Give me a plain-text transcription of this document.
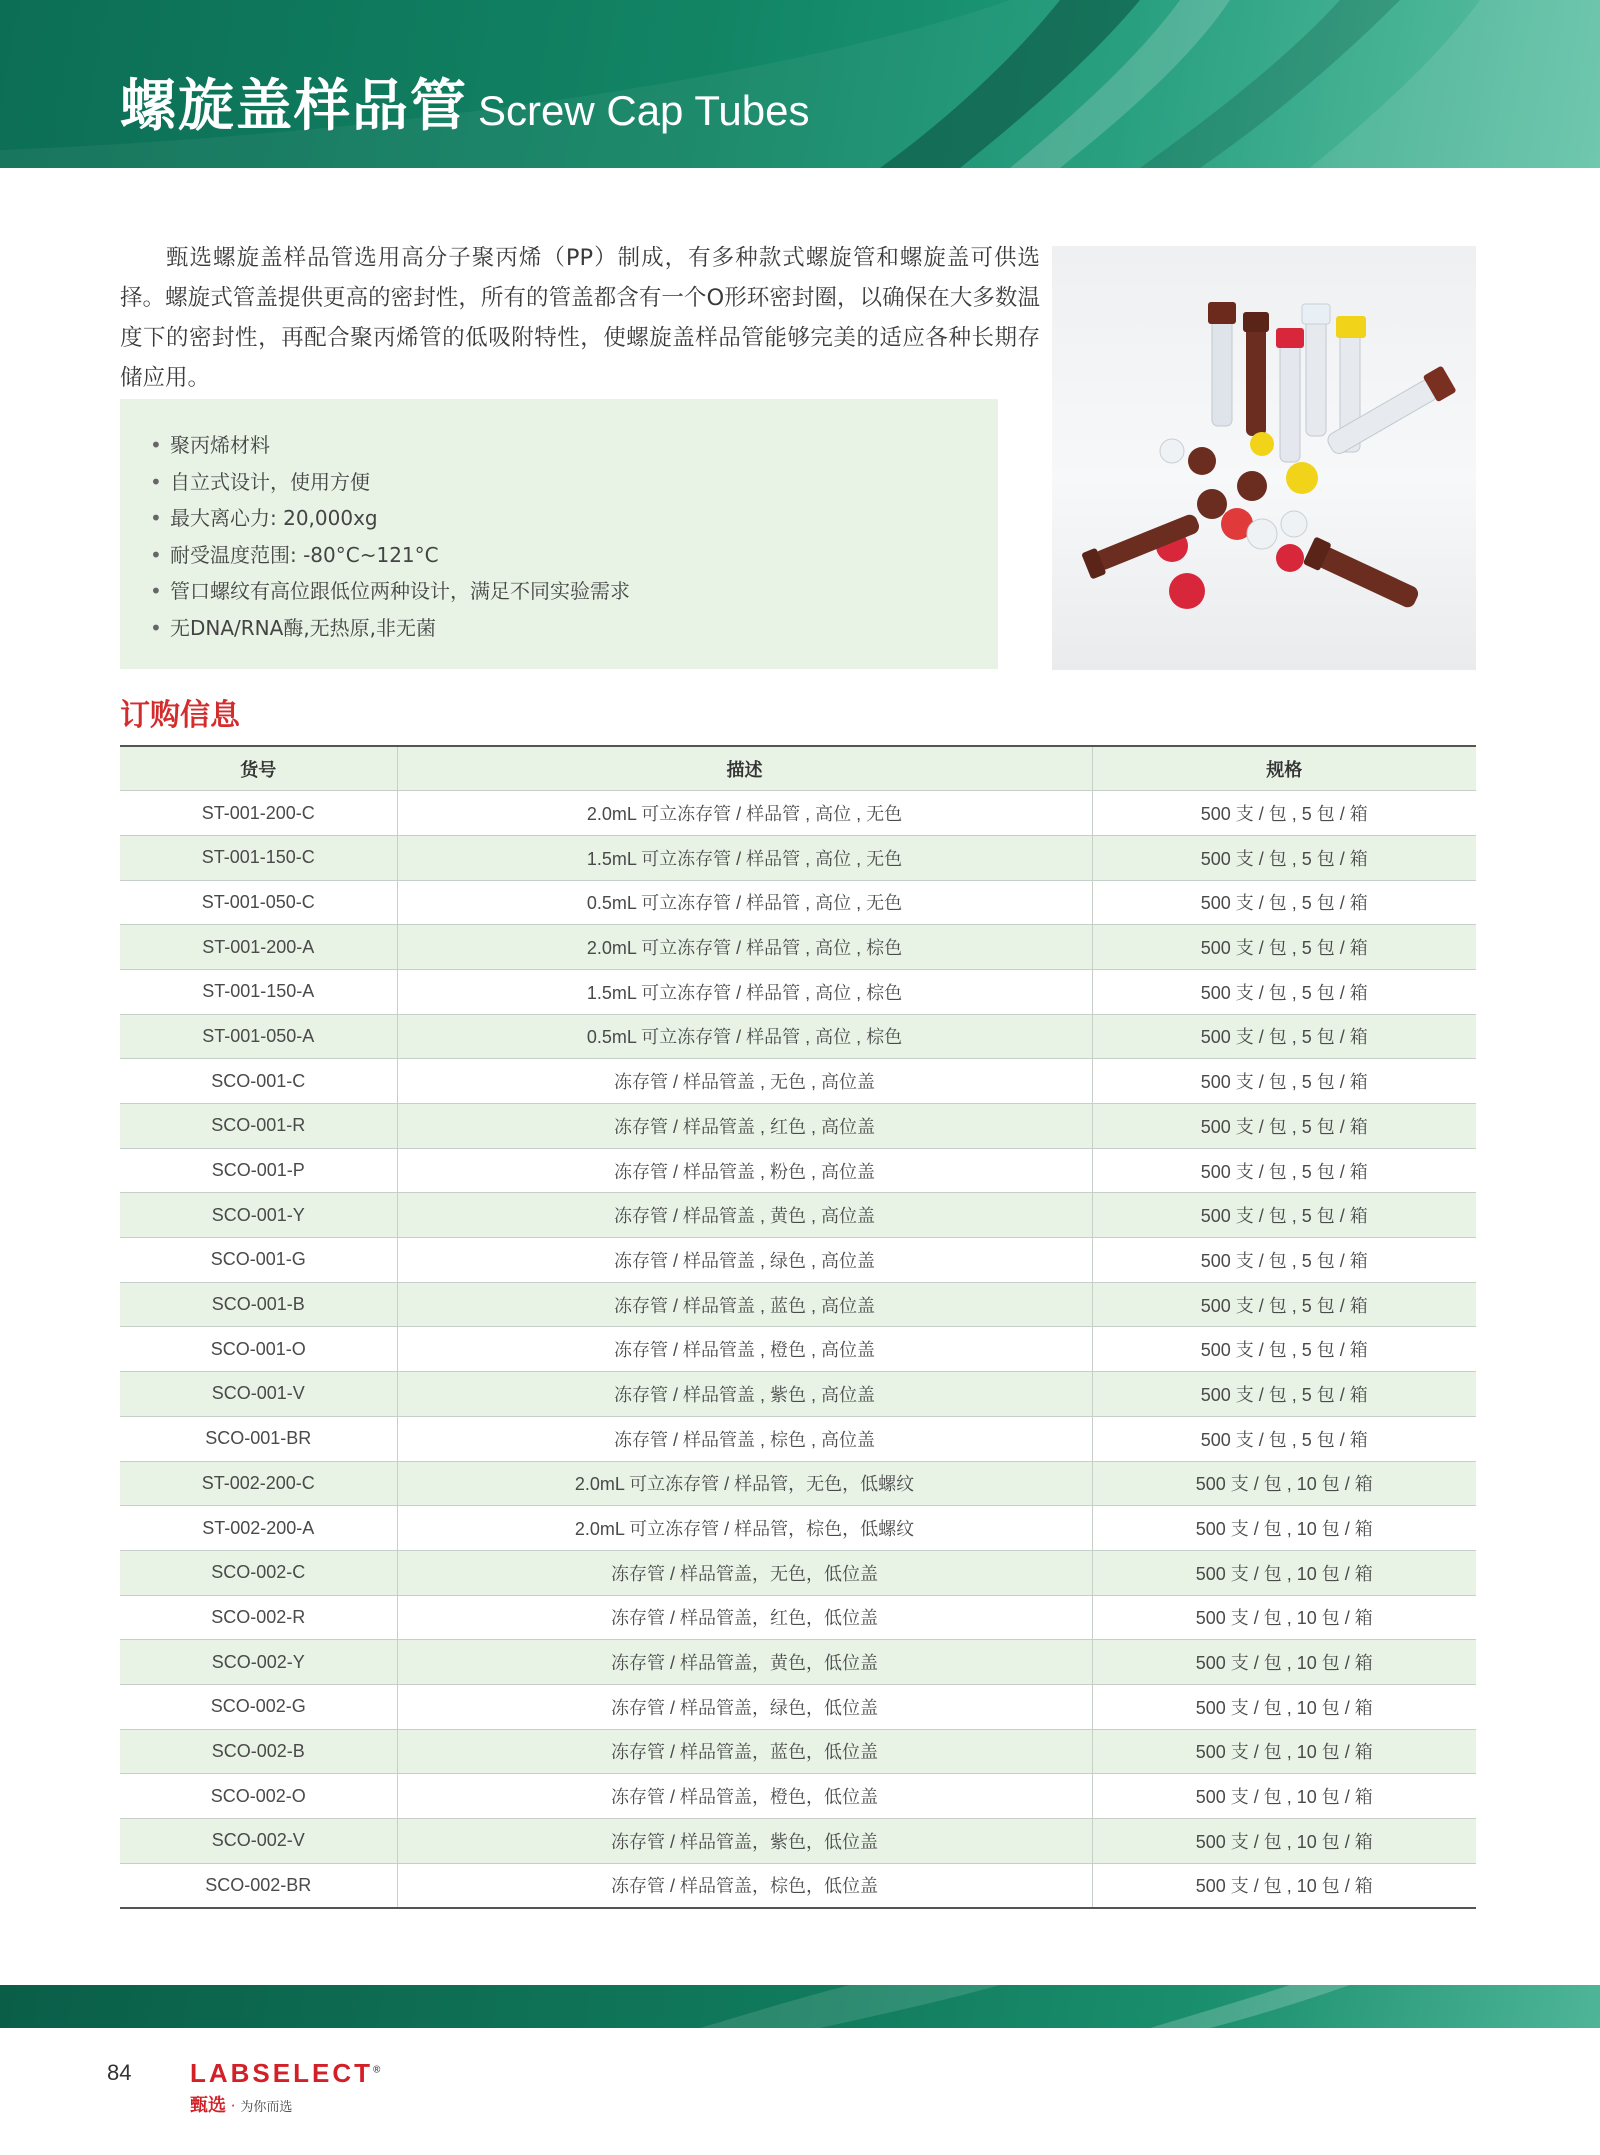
螺旋盖样品管 Screw Cap Tubes

甄选螺旋盖样品管选用高分子聚丙烯（PP）制成，有多种款式螺旋管和螺旋盖可供选择。螺旋式管盖提供更高的密封性，所有的管盖都含有一个O形环密封圈，以确保在大多数温度下的密封性，再配合聚丙烯管的低吸附特性，使螺旋盖样品管能够完美的适应各种长期存储应用。

• 聚丙烯材料
• 自立式设计，使用方便
• 最大离心力: 20,000xg
• 耐受温度范围: -80°C~121°C
• 管口螺纹有高位跟低位两种设计，满足不同实验需求
• 无DNA/RNA酶,无热原,非无菌
订购信息
货号	描述	规格
ST-001-200-C	2.0mL 可立冻存管 / 样品管 , 高位 , 无色	500 支 / 包 , 5 包 / 箱
ST-001-150-C	1.5mL 可立冻存管 / 样品管 , 高位 , 无色	500 支 / 包 , 5 包 / 箱
ST-001-050-C	0.5mL 可立冻存管 / 样品管 , 高位 , 无色	500 支 / 包 , 5 包 / 箱
ST-001-200-A	2.0mL 可立冻存管 / 样品管 , 高位 , 棕色	500 支 / 包 , 5 包 / 箱
ST-001-150-A	1.5mL 可立冻存管 / 样品管 , 高位 , 棕色	500 支 / 包 , 5 包 / 箱
ST-001-050-A	0.5mL 可立冻存管 / 样品管 , 高位 , 棕色	500 支 / 包 , 5 包 / 箱
SCO-001-C	冻存管 / 样品管盖 , 无色 , 高位盖	500 支 / 包 , 5 包 / 箱
SCO-001-R	冻存管 / 样品管盖 , 红色 , 高位盖	500 支 / 包 , 5 包 / 箱
SCO-001-P	冻存管 / 样品管盖 , 粉色 , 高位盖	500 支 / 包 , 5 包 / 箱
SCO-001-Y	冻存管 / 样品管盖 , 黄色 , 高位盖	500 支 / 包 , 5 包 / 箱
SCO-001-G	冻存管 / 样品管盖 , 绿色 , 高位盖	500 支 / 包 , 5 包 / 箱
SCO-001-B	冻存管 / 样品管盖 , 蓝色 , 高位盖	500 支 / 包 , 5 包 / 箱
SCO-001-O	冻存管 / 样品管盖 , 橙色 , 高位盖	500 支 / 包 , 5 包 / 箱
SCO-001-V	冻存管 / 样品管盖 , 紫色 , 高位盖	500 支 / 包 , 5 包 / 箱
SCO-001-BR	冻存管 / 样品管盖 , 棕色 , 高位盖	500 支 / 包 , 5 包 / 箱
ST-002-200-C	2.0mL 可立冻存管 / 样品管，无色，低螺纹	500 支 / 包 , 10 包 / 箱
ST-002-200-A	2.0mL 可立冻存管 / 样品管，棕色，低螺纹	500 支 / 包 , 10 包 / 箱
SCO-002-C	冻存管 / 样品管盖，无色，低位盖	500 支 / 包 , 10 包 / 箱
SCO-002-R	冻存管 / 样品管盖，红色，低位盖	500 支 / 包 , 10 包 / 箱
SCO-002-Y	冻存管 / 样品管盖，黄色，低位盖	500 支 / 包 , 10 包 / 箱
SCO-002-G	冻存管 / 样品管盖，绿色，低位盖	500 支 / 包 , 10 包 / 箱
SCO-002-B	冻存管 / 样品管盖，蓝色，低位盖	500 支 / 包 , 10 包 / 箱
SCO-002-O	冻存管 / 样品管盖，橙色，低位盖	500 支 / 包 , 10 包 / 箱
SCO-002-V	冻存管 / 样品管盖，紫色，低位盖	500 支 / 包 , 10 包 / 箱
SCO-002-BR	冻存管 / 样品管盖，棕色，低位盖	500 支 / 包 , 10 包 / 箱
84 LABSELECT®
甄选 · 为你而选
